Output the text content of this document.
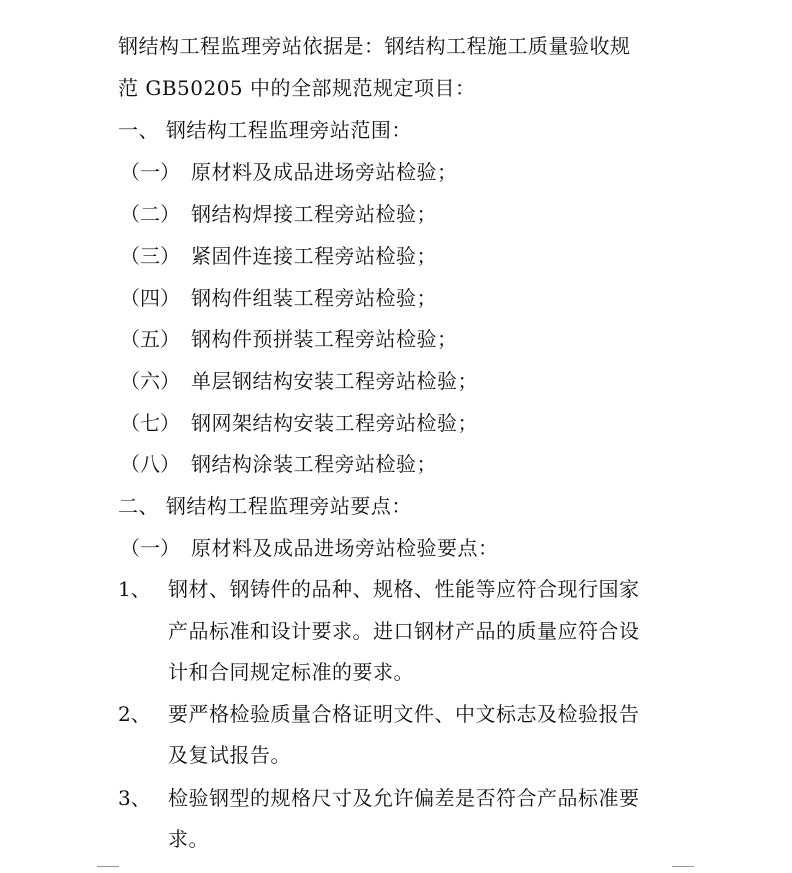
钢结构工程监理旁站依据是：钢结构工程施工质量验收规
范 GB50205 中的全部规范规定项目：
一、 钢结构工程监理旁站范围：
（一） 原材料及成品进场旁站检验；
（二） 钢结构焊接工程旁站检验；
（三） 紧固件连接工程旁站检验；
（四） 钢构件组装工程旁站检验；
（五） 钢构件预拼装工程旁站检验；
（六） 单层钢结构安装工程旁站检验；
（七） 钢网架结构安装工程旁站检验；
（八） 钢结构涂装工程旁站检验；
二、 钢结构工程监理旁站要点：
（一） 原材料及成品进场旁站检验要点：
1、 钢材、钢铸件的品种、规格、性能等应符合现行国家
产品标准和设计要求。进口钢材产品的质量应符合设
计和合同规定标准的要求。
2、 要严格检验质量合格证明文件、中文标志及检验报告
及复试报告。
3、 检验钢型的规格尺寸及允许偏差是否符合产品标准要
求。
